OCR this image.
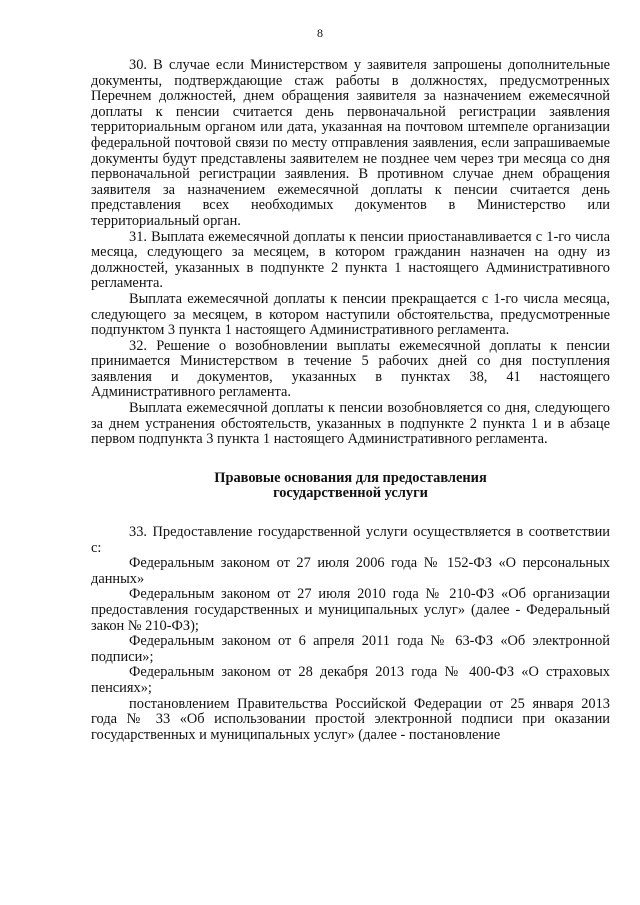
8

30. В случае если Министерством у заявителя запрошены дополнительные документы, подтверждающие стаж работы в должностях, предусмотренных Перечнем должностей, днем обращения заявителя за назначением ежемесячной доплаты к пенсии считается день первоначальной регистрации заявления территориальным органом или дата, указанная на почтовом штемпеле организации федеральной почтовой связи по месту отправления заявления, если запрашиваемые документы будут представлены заявителем не позднее чем через три месяца со дня первоначальной регистрации заявления. В противном случае днем обращения заявителя за назначением ежемесячной доплаты к пенсии считается день представления всех необходимых документов в Министерство или территориальный орган.

31. Выплата ежемесячной доплаты к пенсии приостанавливается с 1-го числа месяца, следующего за месяцем, в котором гражданин назначен на одну из должностей, указанных в подпункте 2 пункта 1 настоящего Административного регламента.

Выплата ежемесячной доплаты к пенсии прекращается с 1-го числа месяца, следующего за месяцем, в котором наступили обстоятельства, предусмотренные подпунктом 3 пункта 1 настоящего Административного регламента.

32. Решение о возобновлении выплаты ежемесячной доплаты к пенсии принимается Министерством в течение 5 рабочих дней со дня поступления заявления и документов, указанных в пунктах 38, 41 настоящего Административного регламента.

Выплата ежемесячной доплаты к пенсии возобновляется со дня, следующего за днем устранения обстоятельств, указанных в подпункте 2 пункта 1 и в абзаце первом подпункта 3 пункта 1 настоящего Административного регламента.

Правовые основания для предоставления

государственной услуги

33. Предоставление государственной услуги осуществляется в соответствии с:

Федеральным законом от 27 июля 2006 года № 152-ФЗ «О персональных данных»

Федеральным законом от 27 июля 2010 года № 210-ФЗ «Об организации предоставления государственных и муниципальных услуг» (далее - Федеральный закон № 210-ФЗ);

Федеральным законом от 6 апреля 2011 года № 63-ФЗ «Об электронной подписи»;

Федеральным законом от 28 декабря 2013 года № 400-ФЗ «О страховых пенсиях»;

постановлением Правительства Российской Федерации от 25 января 2013 года № 33 «Об использовании простой электронной подписи при оказании государственных и муниципальных услуг» (далее - постановление
